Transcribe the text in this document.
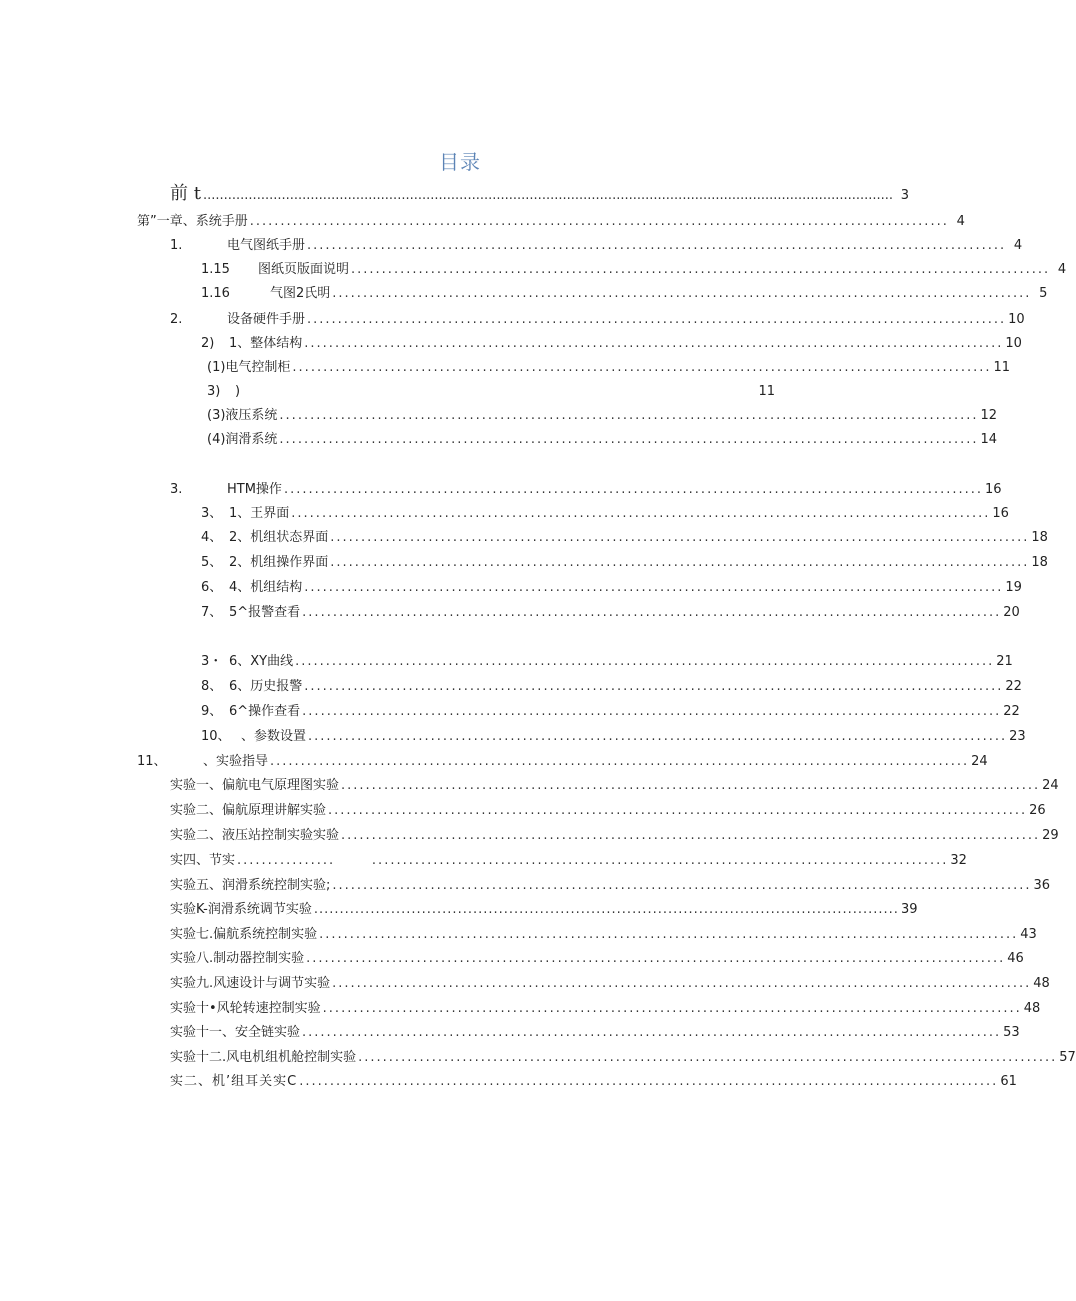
目录
前 t ....................................................................................................................................................................... 3
第”一章、系统手册 .................................................................................................................. 4
1.	电气图纸手册 .................................................................................................................. 4
1.15	图纸页版面说明 .................................................................................................................. 4
1.16	气图2氏明 .................................................................................................................. 5
2.	设备硬件手册 .................................................................................................................. 10
2)	1、整体结构 .................................................................................................................. 10
(1)电气控制柜 .................................................................................................................. 11
3)	)	11
(3)液压系统 .................................................................................................................. 12
(4)润滑系统 .................................................................................................................. 14
3.	HTM操作 .................................................................................................................. 16
3、 1、王界面 .................................................................................................................. 16
4、 2、机组状态界面 .................................................................................................................. 18
5、 2、机组操作界面 .................................................................................................................. 18
6、 4、机组结构 .................................................................................................................. 19
7、 5^报警查看 .................................................................................................................. 20
3・ 6、XY曲线 .................................................................................................................. 21
8、 6、历史报警 .................................................................................................................. 22
9、 6^操作查看 .................................................................................................................. 22
10、 、参数设置 .................................................................................................................. 23
11、	、实验指导 .................................................................................................................. 24
实验一、偏航电气原理图实验 .................................................................................................................. 24
实验二、偏航原理讲解实验 .................................................................................................................. 26
实验二、液压站控制实验实验 .................................................................................................................. 29
实四、节实 ................      .............................................................................................. 32
实验五、润滑系统控制实验; .................................................................................................................. 36
实验K-润滑系统调节实验 .................................................................................................................. 39
实验七.偏航系统控制实验 .................................................................................................................. 43
实验八.制动器控制实验 .................................................................................................................. 46
实验九.风速设计与调节实验 .................................................................................................................. 48
实验十•风轮转速控制实验 .................................................................................................................. 48
实验十一、安全链实验 .................................................................................................................. 53
实验十二.风电机组机舱控制实验 .................................................................................................................. 57
实二、机’组耳关实C .................................................................................................................. 61
